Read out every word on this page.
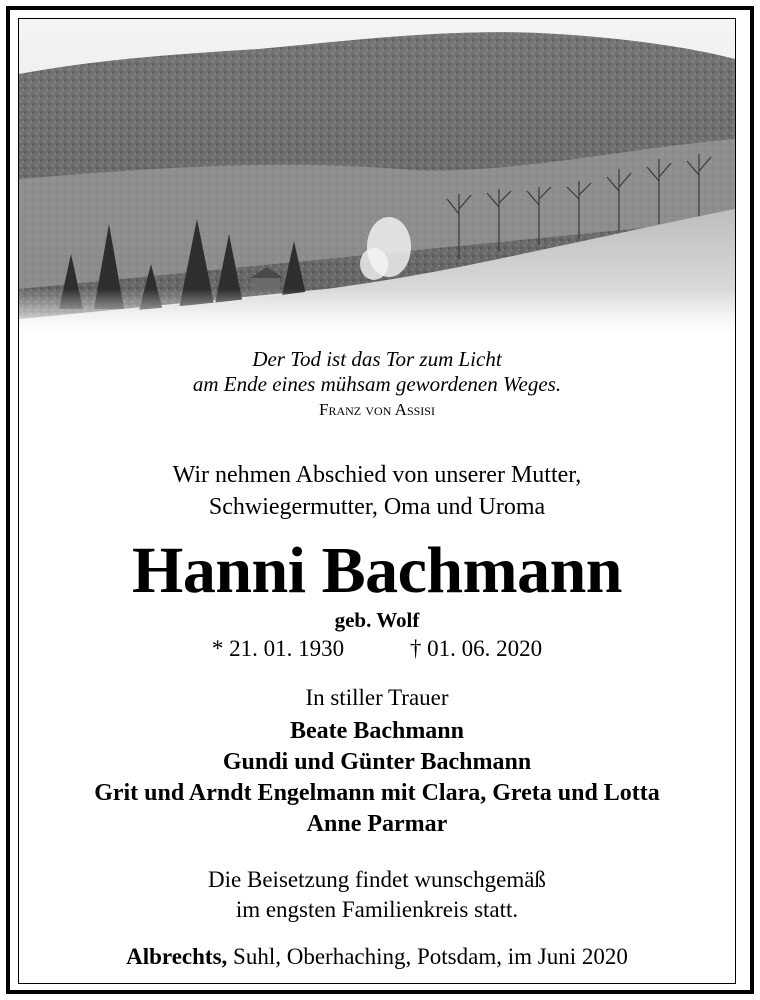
Der Tod ist das Tor zum Licht
am Ende eines mühsam gewordenen Weges.
Franz von Assisi
Wir nehmen Abschied von unserer Mutter,
Schwiegermutter, Oma und Uroma
Hanni Bachmann
geb. Wolf
* 21. 01. 1930	† 01. 06. 2020
In stiller Trauer
Beate Bachmann
Gundi und Günter Bachmann
Grit und Arndt Engelmann mit Clara, Greta und Lotta
Anne Parmar
Die Beisetzung findet wunschgemäß
im engsten Familienkreis statt.
Albrechts, Suhl, Oberhaching, Potsdam, im Juni 2020
